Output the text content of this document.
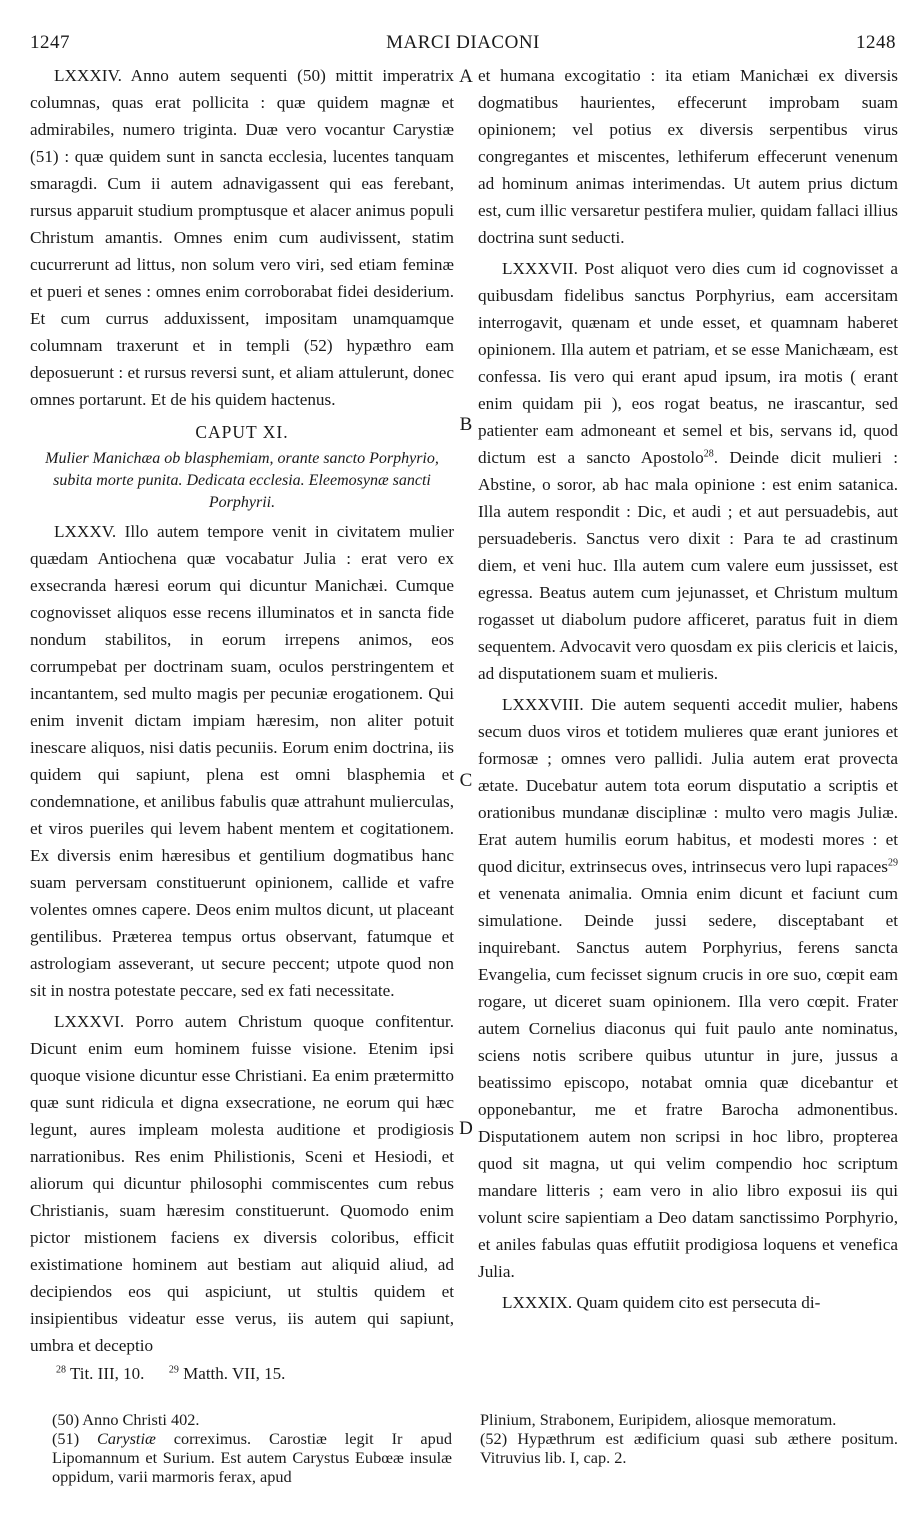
1247	MARCI DIACONI	1248

LXXXIV. Anno autem sequenti (50) mittit imperatrix columnas, quas erat pollicita : quæ quidem magnæ et admirabiles, numero triginta. Duæ vero vocantur Carystiæ (51) : quæ quidem sunt in sancta ecclesia, lucentes tanquam smaragdi. Cum ii autem adnavigassent qui eas ferebant, rursus apparuit studium promptusque et alacer animus populi Christum amantis. Omnes enim cum audivissent, statim cucurrerunt ad littus, non solum vero viri, sed etiam feminæ et pueri et senes : omnes enim corroborabat fidei desiderium. Et cum currus adduxissent, impositam unamquamque columnam traxerunt et in templi (52) hypæthro eam deposuerunt : et rursus reversi sunt, et aliam attulerunt, donec omnes portarunt. Et de his quidem hactenus.

CAPUT XI.
Mulier Manichæa ob blasphemiam, orante sancto Porphyrio, subita morte punita. Dedicata ecclesia. Eleemosynæ sancti Porphyrii.

LXXXV. Illo autem tempore venit in civitatem mulier quædam Antiochena quæ vocabatur Julia : erat vero ex exsecranda hæresi eorum qui dicuntur Manichæi. Cumque cognovisset aliquos esse recens illuminatos et in sancta fide nondum stabilitos, in eorum irrepens animos, eos corrumpebat per doctrinam suam, oculos perstringentem et incantantem, sed multo magis per pecuniæ erogationem. Qui enim invenit dictam impiam hæresim, non aliter potuit inescare aliquos, nisi datis pecuniis. Eorum enim doctrina, iis quidem qui sapiunt, plena est omni blasphemia et condemnatione, et anilibus fabulis quæ attrahunt mulierculas, et viros pueriles qui levem habent mentem et cogitationem. Ex diversis enim hæresibus et gentilium dogmatibus hanc suam perversam constituerunt opinionem, callide et vafre volentes omnes capere. Deos enim multos dicunt, ut placeant gentilibus. Præterea tempus ortus observant, fatumque et astrologiam asseverant, ut secure peccent; utpote quod non sit in nostra potestate peccare, sed ex fati necessitate.

LXXXVI. Porro autem Christum quoque confitentur. Dicunt enim eum hominem fuisse visione. Etenim ipsi quoque visione dicuntur esse Christiani. Ea enim prætermitto quæ sunt ridicula et digna exsecratione, ne eorum qui hæc legunt, aures impleam molesta auditione et prodigiosis narrationibus. Res enim Philistionis, Sceni et Hesiodi, et aliorum qui dicuntur philosophi commiscentes cum rebus Christianis, suam hæresim constituerunt. Quomodo enim pictor mistionem faciens ex diversis coloribus, efficit existimatione hominem aut bestiam aut aliquid aliud, ad decipiendos eos qui aspiciunt, ut stultis quidem et insipientibus videatur esse verus, iis autem qui sapiunt, umbra et deceptio

A
B
C
D

et humana excogitatio : ita etiam Manichæi ex diversis dogmatibus haurientes, effecerunt improbam suam opinionem; vel potius ex diversis serpentibus virus congregantes et miscentes, lethiferum effecerunt venenum ad hominum animas interimendas. Ut autem prius dictum est, cum illic versaretur pestifera mulier, quidam fallaci illius doctrina sunt seducti.

LXXXVII. Post aliquot vero dies cum id cognovisset a quibusdam fidelibus sanctus Porphyrius, eam accersitam interrogavit, quænam et unde esset, et quamnam haberet opinionem. Illa autem et patriam, et se esse Manichæam, est confessa. Iis vero qui erant apud ipsum, ira motis ( erant enim quidam pii ), eos rogat beatus, ne irascantur, sed patienter eam admoneant et semel et bis, servans id, quod dictum est a sancto Apostolo$^{28}$. Deinde dicit mulieri : Abstine, o soror, ab hac mala opinione : est enim satanica. Illa autem respondit : Dic, et audi ; et aut persuadebis, aut persuadeberis. Sanctus vero dixit : Para te ad crastinum diem, et veni huc. Illa autem cum valere eum jussisset, est egressa. Beatus autem cum jejunasset, et Christum multum rogasset ut diabolum pudore afficeret, paratus fuit in diem sequentem. Advocavit vero quosdam ex piis clericis et laicis, ad disputationem suam et mulieris.

LXXXVIII. Die autem sequenti accedit mulier, habens secum duos viros et totidem mulieres quæ erant juniores et formosæ ; omnes vero pallidi. Julia autem erat provecta ætate. Ducebatur autem tota eorum disputatio a scriptis et orationibus mundanæ disciplinæ : multo vero magis Juliæ. Erat autem humilis eorum habitus, et modesti mores : et quod dicitur, extrinsecus oves, intrinsecus vero lupi rapaces$^{29}$ et venenata animalia. Omnia enim dicunt et faciunt cum simulatione. Deinde jussi sedere, disceptabant et inquirebant. Sanctus autem Porphyrius, ferens sancta Evangelia, cum fecisset signum crucis in ore suo, cœpit eam rogare, ut diceret suam opinionem. Illa vero cœpit. Frater autem Cornelius diaconus qui fuit paulo ante nominatus, sciens notis scribere quibus utuntur in jure, jussus a beatissimo episcopo, notabat omnia quæ dicebantur et opponebantur, me et fratre Barocha admonentibus. Disputationem autem non scripsi in hoc libro, propterea quod sit magna, ut qui velim compendio hoc scriptum mandare litteris ; eam vero in alio libro exposui iis qui volunt scire sapientiam a Deo datam sanctissimo Porphyrio, et aniles fabulas quas effutiit prodigiosa loquens et venefica Julia.

LXXXIX. Quam quidem cito est persecuta di-

$^{28}$ Tit. III, 10. $^{29}$ Matth. VII, 15.

(50) Anno Christi 402.

(51) Carystiæ correximus. Carostiæ legit Ir apud Lipomannum et Surium. Est autem Carystus Eubœæ insulæ oppidum, varii marmoris ferax, apud

Plinium, Strabonem, Euripidem, aliosque memoratum.

(52) Hypæthrum est ædificium quasi sub æthere positum. Vitruvius lib. I, cap. 2.
